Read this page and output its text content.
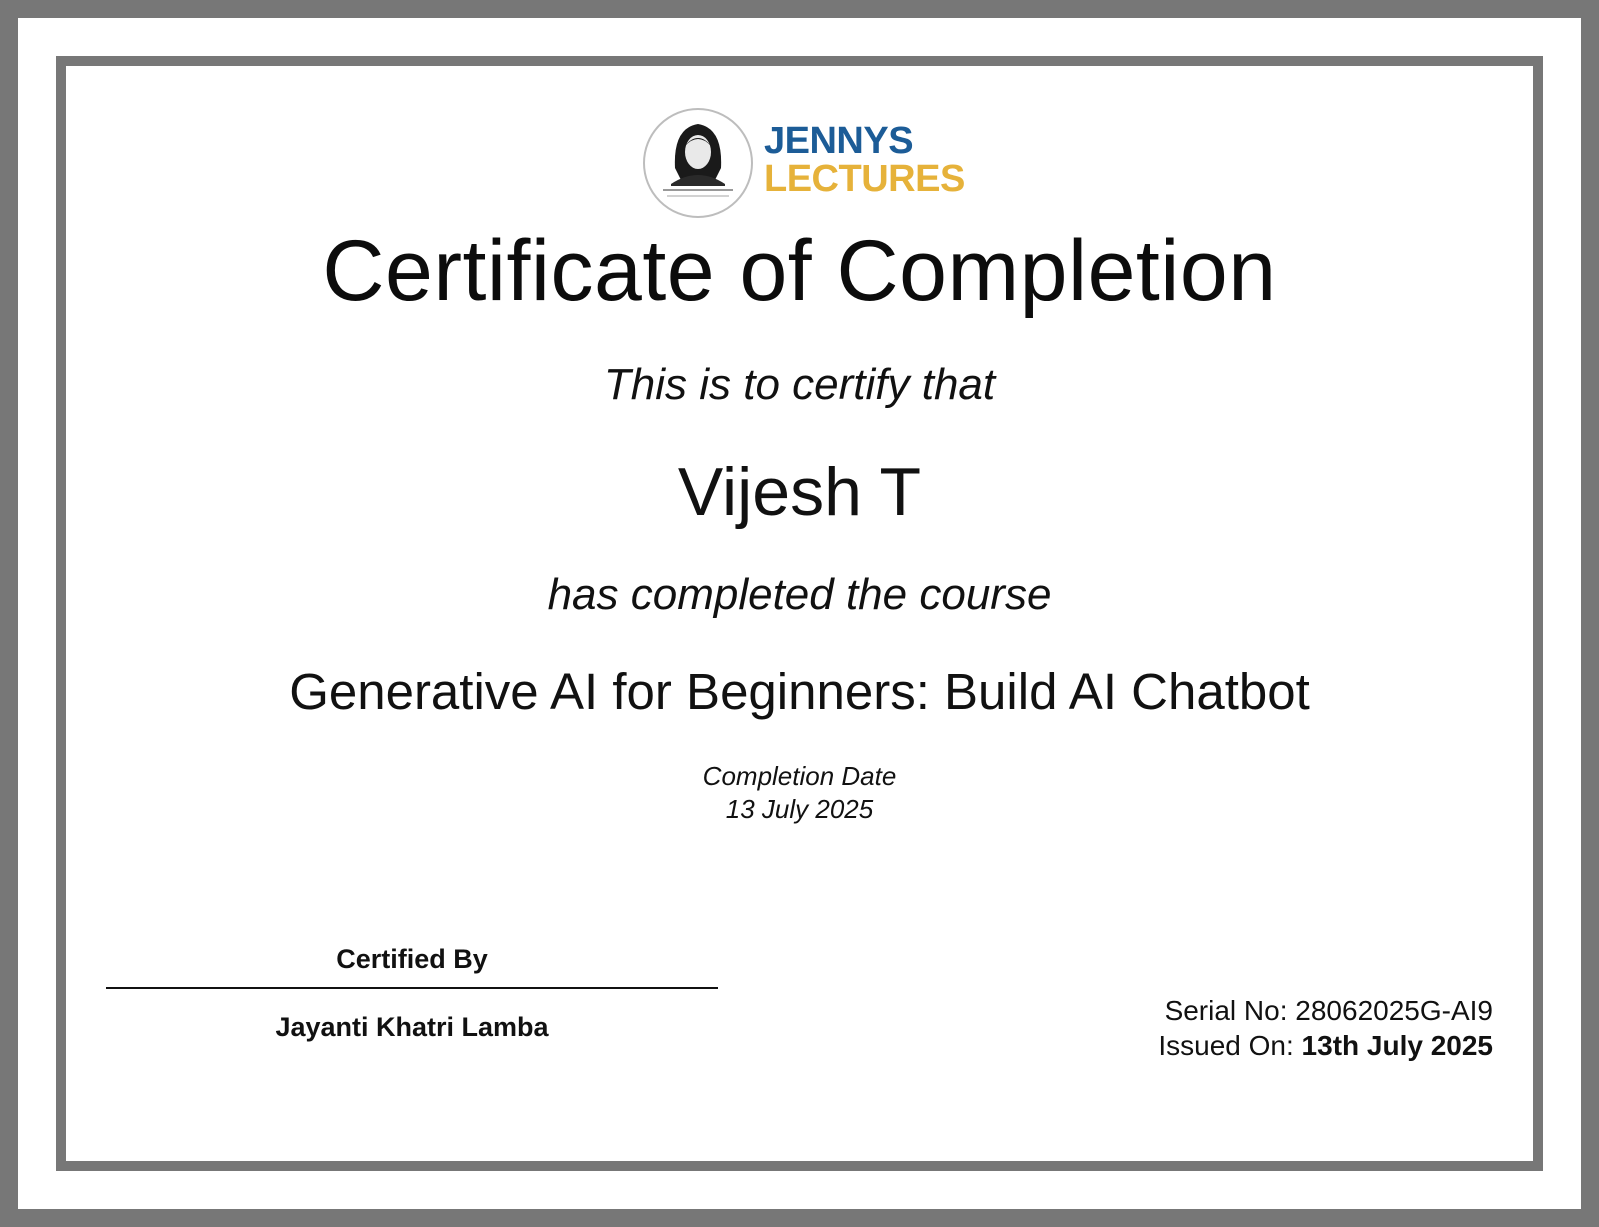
JENNYS
LECTURES
Certificate of Completion
This is to certify that
Vijesh T
has completed the course
Generative AI for Beginners: Build AI Chatbot
Completion Date
13 July 2025
Certified By
Jayanti Khatri Lamba
Serial No: 28062025G-AI9
Issued On: 13th July 2025
